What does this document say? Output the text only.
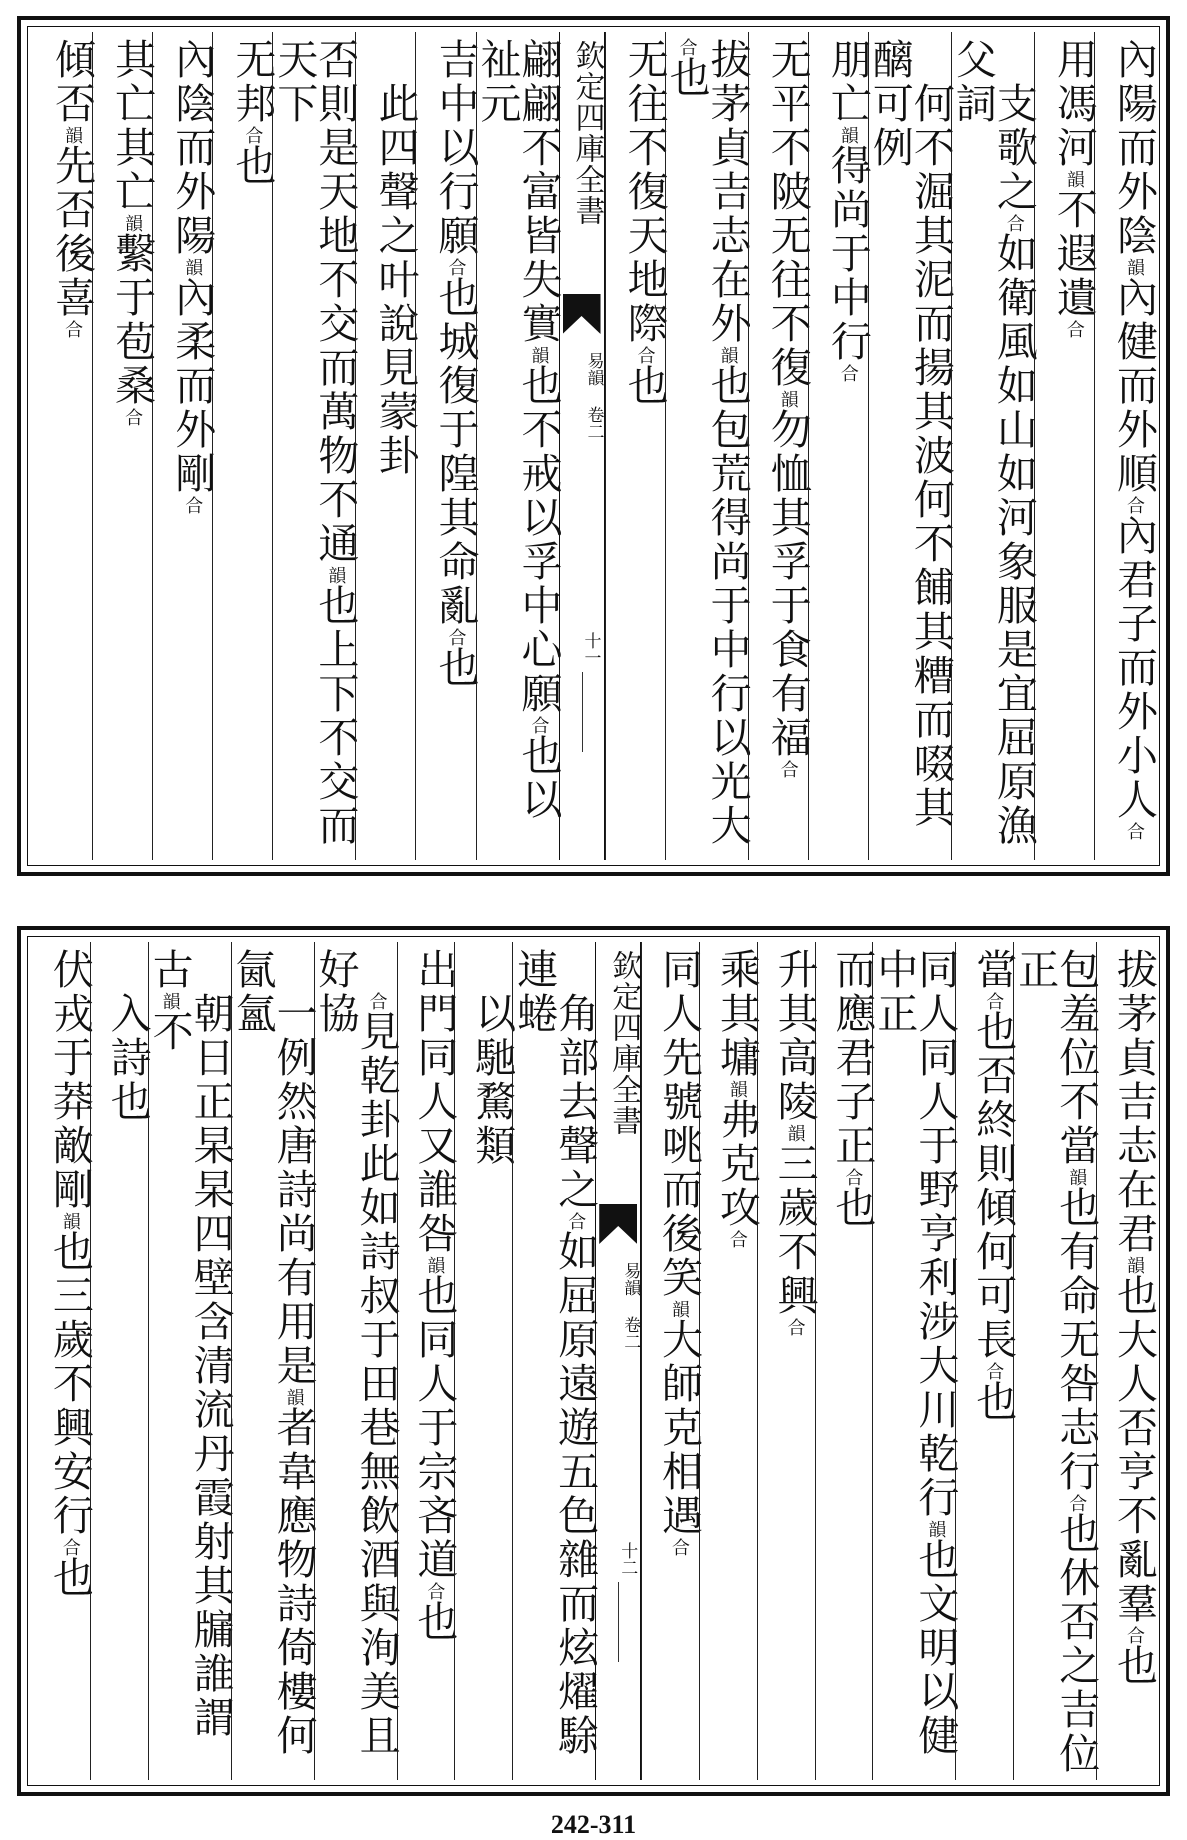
內陽而外陰韻內健而外順合內君子而外小人合
用馮河韻不遐遺合
　支歌之合如衛風如山如河象服是宜屈原漁父詞
　何不淈其泥而揚其波何不餔其糟而啜其醨可例
朋亡韻得尚于中行合
无平不陂无往不復韻勿恤其孚于食有福合
拔茅貞吉志在外韻也包荒得尚于中行以光大合也
无往不復天地際合也
欽定四庫全書
易韻 卷二
十一
翩翩不富皆失實韻也不戒以孚中心願合也以祉元
吉中以行願合也城復于隍其命亂合也
　此四聲之叶說見蒙卦
否則是天地不交而萬物不通韻也上下不交而天下
无邦合也
內陰而外陽韻內柔而外剛合
其亡其亡韻繫于苞桑合
傾否韻先否後喜合
拔茅貞吉志在君韻也大人否亨不亂羣合也
包羞位不當韻也有命无咎志行合也休否之吉位正
當合也否終則傾何可長合也
同人同人于野亨利涉大川乾行韻也文明以健中正
而應君子正合也
升其高陵韻三歲不興合
乘其墉韻弗克攻合
同人先號咷而後笑韻大師克相遇合
欽定四庫全書
易韻 卷二
十二
　角部去聲之合如屈原遠遊五色雜而炫燿駼連蜷
　以馳騖類
出門同人又誰咎韻也同人于宗吝道合也
　合見乾卦此如詩叔于田巷無飲酒與洵美且好協
　一例然唐詩尚有用是韻者韋應物詩倚樓何氤氳
　朝日正杲杲四壁含清流丹霞射其牖誰謂古韻不
　入詩也
伏戎于莽敵剛韻也三歲不興安行合也
242-311
